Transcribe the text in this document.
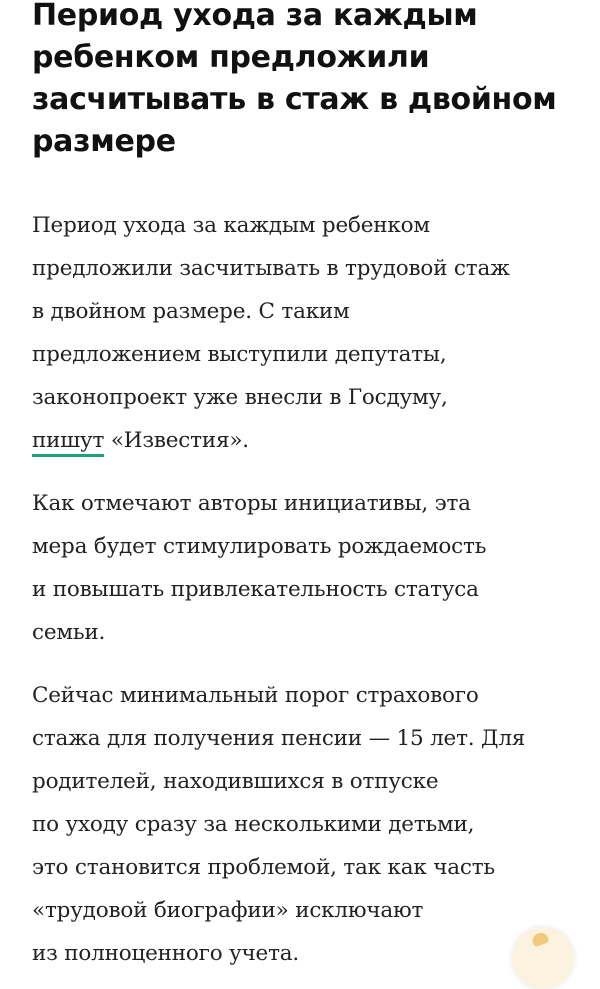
Период ухода за каждым
ребенком предложили
засчитывать в стаж в двойном
размере

Период ухода за каждым ребенком
предложили засчитывать в трудовой стаж
в двойном размере. С таким
предложением выступили депутаты,
законопроект уже внесли в Госдуму,
пишут «Известия».

Как отмечают авторы инициативы, эта
мера будет стимулировать рождаемость
и повышать привлекательность статуса
семьи.

Сейчас минимальный порог страхового
стажа для получения пенсии — 15 лет. Для
родителей, находившихся в отпуске
по уходу сразу за несколькими детьми,
это становится проблемой, так как часть
«трудовой биографии» исключают
из полноценного учета.
